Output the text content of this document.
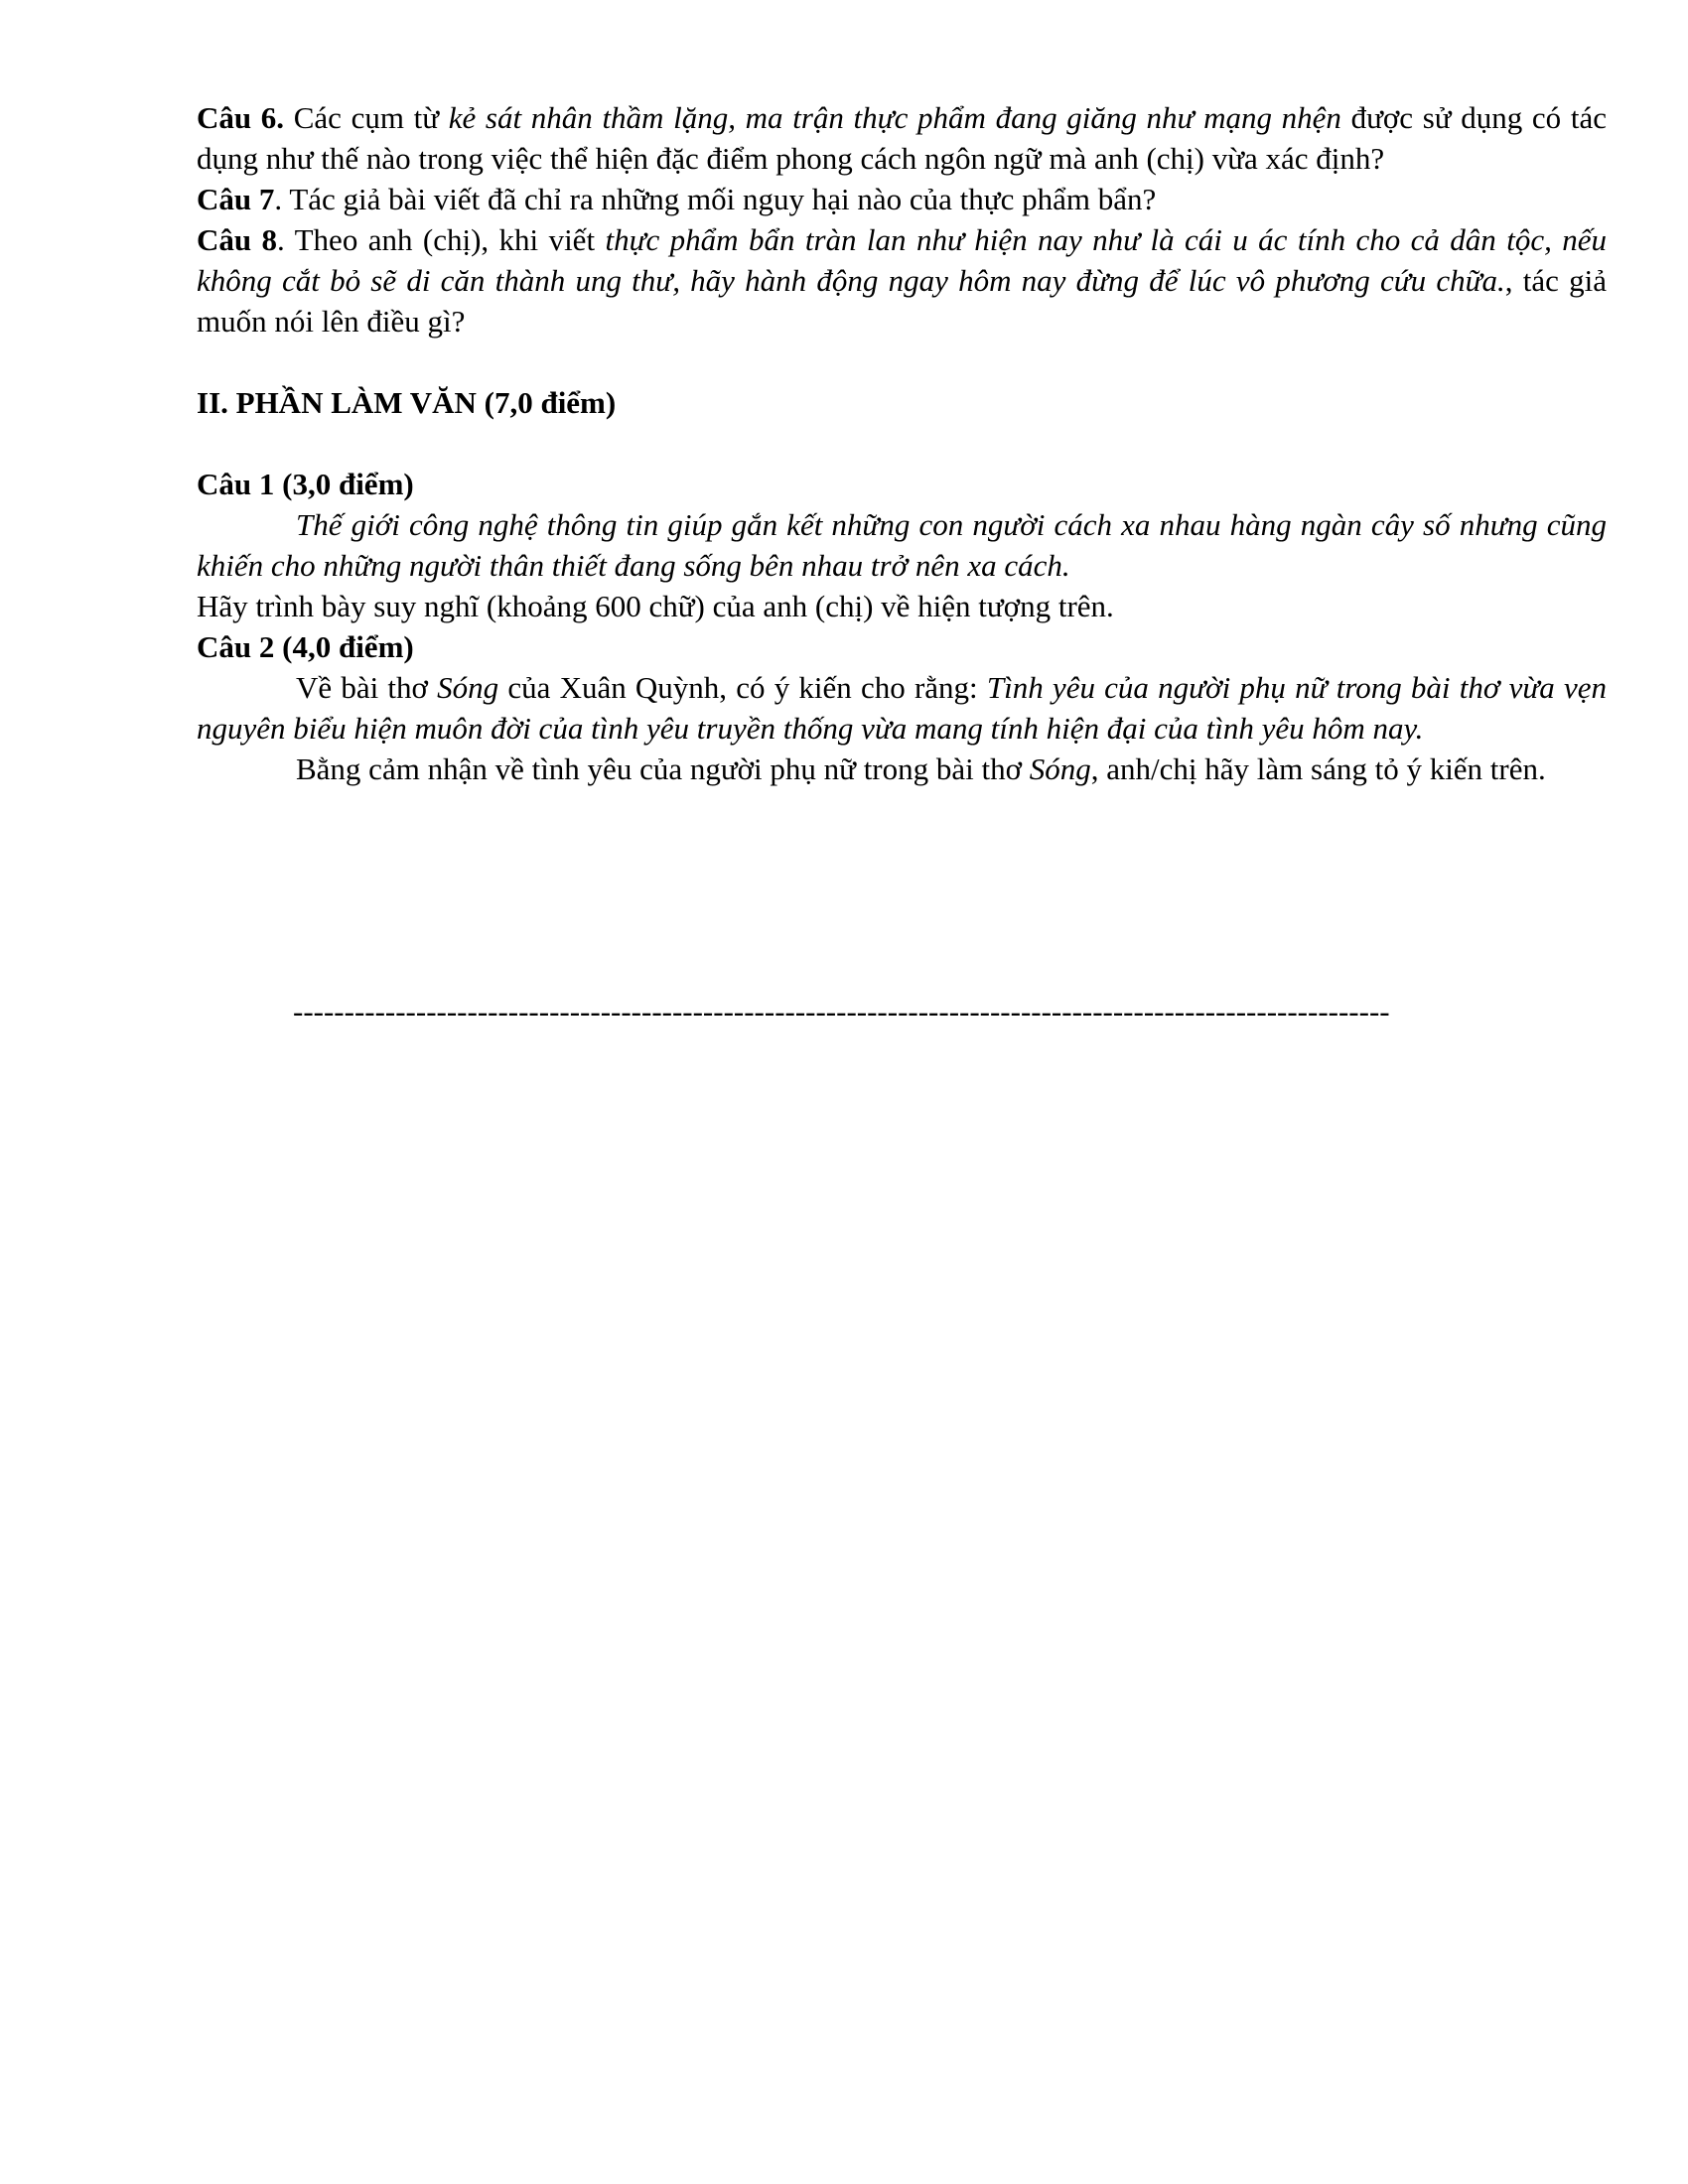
Câu 6. Các cụm từ kẻ sát nhân thầm lặng, ma trận thực phẩm đang giăng như mạng nhện được sử dụng có tác dụng như thế nào trong việc thể hiện đặc điểm phong cách ngôn ngữ mà anh (chị) vừa xác định?

Câu 7. Tác giả bài viết đã chỉ ra những mối nguy hại nào của thực phẩm bẩn?

Câu 8. Theo anh (chị), khi viết thực phẩm bẩn tràn lan như hiện nay như là cái u ác tính cho cả dân tộc, nếu không cắt bỏ sẽ di căn thành ung thư, hãy hành động ngay hôm nay đừng để lúc vô phương cứu chữa., tác giả muốn nói lên điều gì?

II. PHẦN LÀM VĂN (7,0 điểm)

Câu 1 (3,0 điểm)

Thế giới công nghệ thông tin giúp gắn kết những con người cách xa nhau hàng ngàn cây số nhưng cũng khiến cho những người thân thiết đang sống bên nhau trở nên xa cách.

Hãy trình bày suy nghĩ (khoảng 600 chữ) của anh (chị) về hiện tượng trên.

Câu 2 (4,0 điểm)

Về bài thơ Sóng của Xuân Quỳnh, có ý kiến cho rằng: Tình yêu của người phụ nữ trong bài thơ vừa vẹn nguyên biểu hiện muôn đời của tình yêu truyền thống vừa mang tính hiện đại của tình yêu hôm nay.

Bằng cảm nhận về tình yêu của người phụ nữ trong bài thơ Sóng, anh/chị hãy làm sáng tỏ ý kiến trên.

-----------------------------------------------------------------------------------------------------------
